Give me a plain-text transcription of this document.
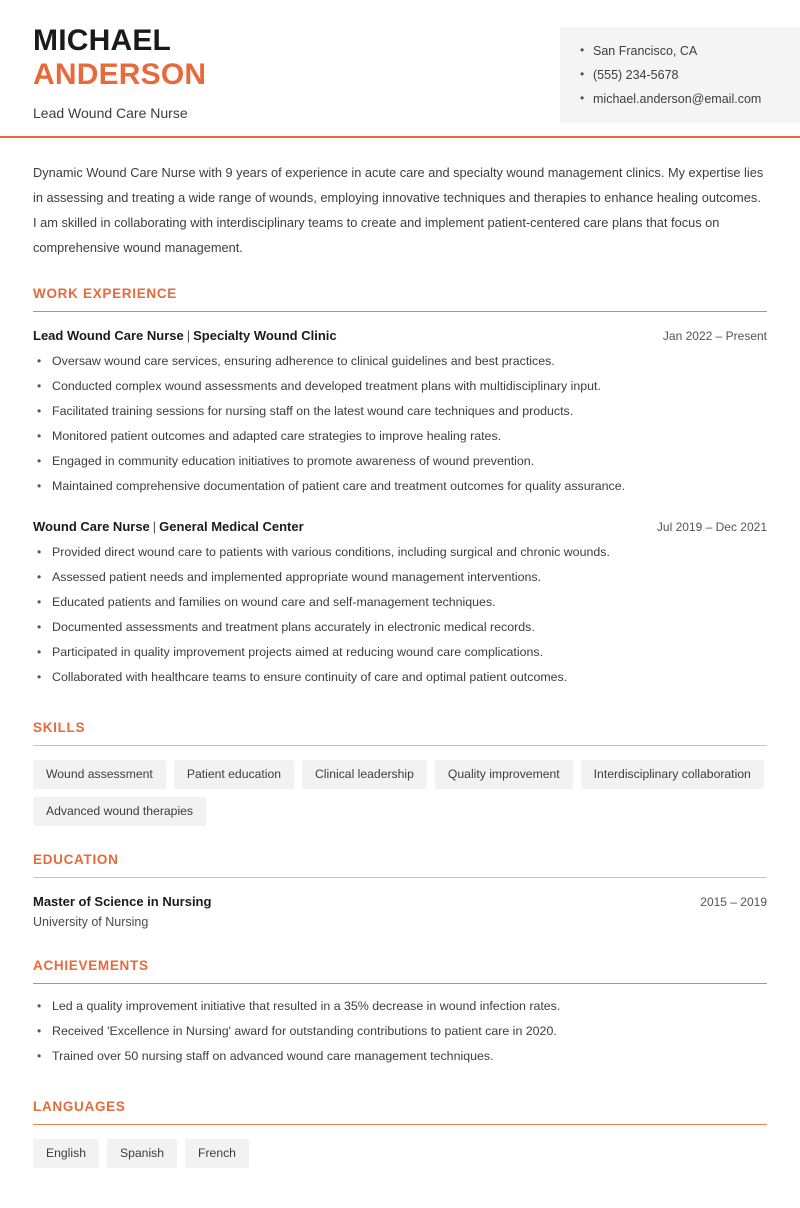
MICHAEL
ANDERSON
Lead Wound Care Nurse
• San Francisco, CA
• (555) 234-5678
• michael.anderson@email.com

Dynamic Wound Care Nurse with 9 years of experience in acute care and specialty wound management clinics. My expertise lies in assessing and treating a wide range of wounds, employing innovative techniques and therapies to enhance healing outcomes. I am skilled in collaborating with interdisciplinary teams to create and implement patient-centered care plans that focus on comprehensive wound management.

WORK EXPERIENCE
Lead Wound Care Nurse | Specialty Wound Clinic	Jan 2022 – Present
• Oversaw wound care services, ensuring adherence to clinical guidelines and best practices.
• Conducted complex wound assessments and developed treatment plans with multidisciplinary input.
• Facilitated training sessions for nursing staff on the latest wound care techniques and products.
• Monitored patient outcomes and adapted care strategies to improve healing rates.
• Engaged in community education initiatives to promote awareness of wound prevention.
• Maintained comprehensive documentation of patient care and treatment outcomes for quality assurance.
Wound Care Nurse | General Medical Center	Jul 2019 – Dec 2021
• Provided direct wound care to patients with various conditions, including surgical and chronic wounds.
• Assessed patient needs and implemented appropriate wound management interventions.
• Educated patients and families on wound care and self-management techniques.
• Documented assessments and treatment plans accurately in electronic medical records.
• Participated in quality improvement projects aimed at reducing wound care complications.
• Collaborated with healthcare teams to ensure continuity of care and optimal patient outcomes.
SKILLS
Wound assessment	Patient education	Clinical leadership	Quality improvement	Interdisciplinary collaboration
Advanced wound therapies
EDUCATION
Master of Science in Nursing	2015 – 2019
University of Nursing
ACHIEVEMENTS
• Led a quality improvement initiative that resulted in a 35% decrease in wound infection rates.
• Received 'Excellence in Nursing' award for outstanding contributions to patient care in 2020.
• Trained over 50 nursing staff on advanced wound care management techniques.
LANGUAGES
English	Spanish	French
